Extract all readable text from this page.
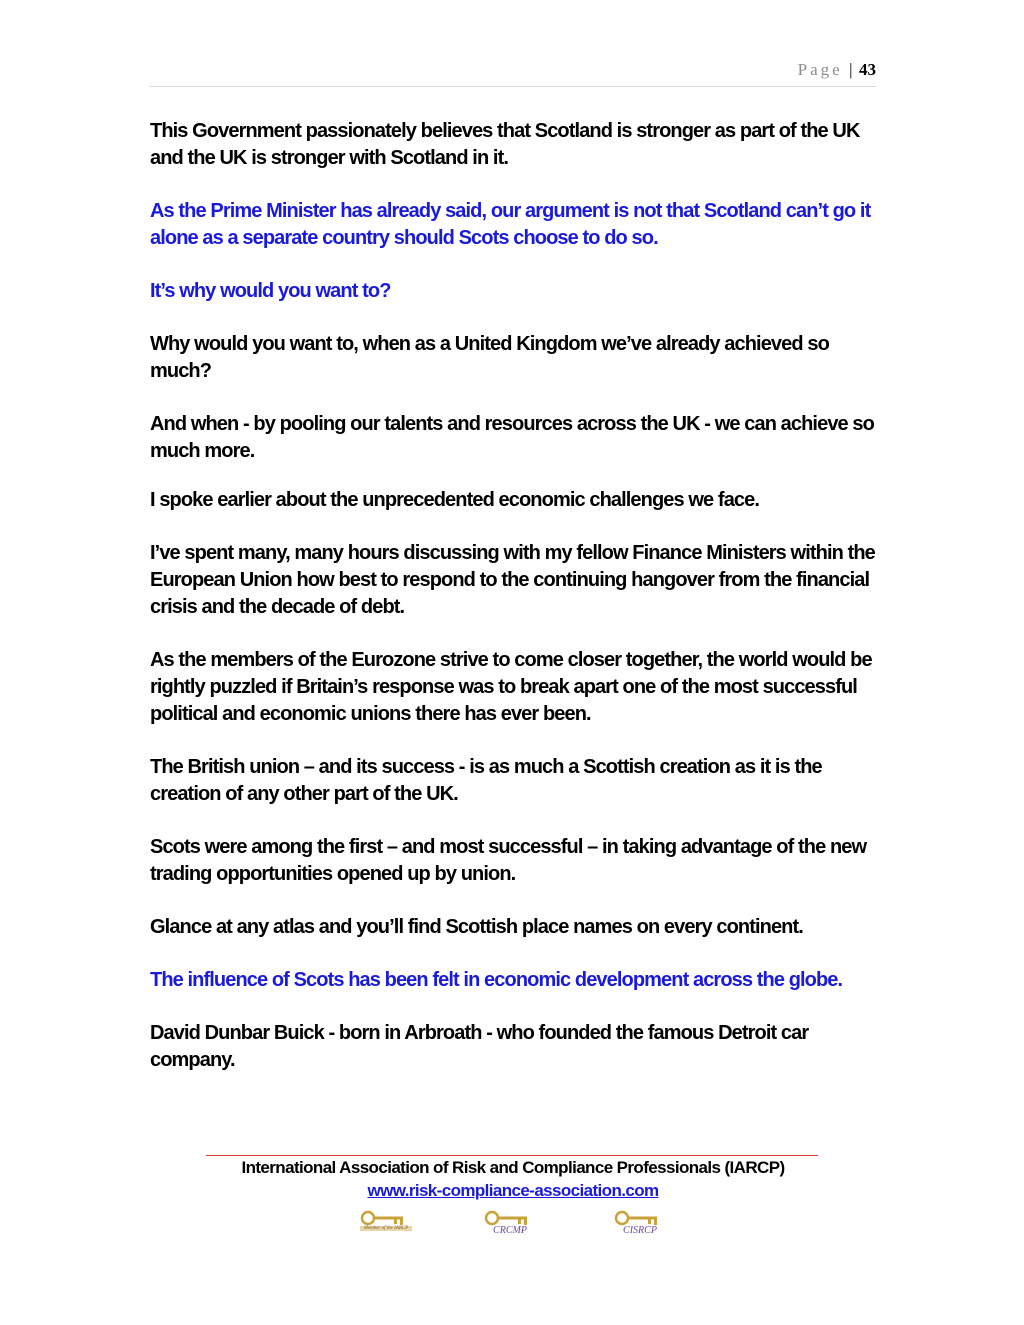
Page | 43

This Government passionately believes that Scotland is stronger as part of the UK and the UK is stronger with Scotland in it.

As the Prime Minister has already said, our argument is not that Scotland can’t go it alone as a separate country should Scots choose to do so.

It’s why would you want to?

Why would you want to, when as a United Kingdom we’ve already achieved so much?

And when - by pooling our talents and resources across the UK - we can achieve so much more.

I spoke earlier about the unprecedented economic challenges we face.

I’ve spent many, many hours discussing with my fellow Finance Ministers within the European Union how best to respond to the continuing hangover from the financial crisis and the decade of debt.

As the members of the Eurozone strive to come closer together, the world would be rightly puzzled if Britain’s response was to break apart one of the most successful political and economic unions there has ever been.

The British union – and its success - is as much a Scottish creation as it is the creation of any other part of the UK.

Scots were among the first – and most successful – in taking advantage of the new trading opportunities opened up by union.

Glance at any atlas and you’ll find Scottish place names on every continent.

The influence of Scots has been felt in economic development across the globe.

David Dunbar Buick - born in Arbroath - who founded the famous Detroit car company.

International Association of Risk and Compliance Professionals (IARCP)
www.risk-compliance-association.com
Member of the IARCP	CRCMP	CISRCP
